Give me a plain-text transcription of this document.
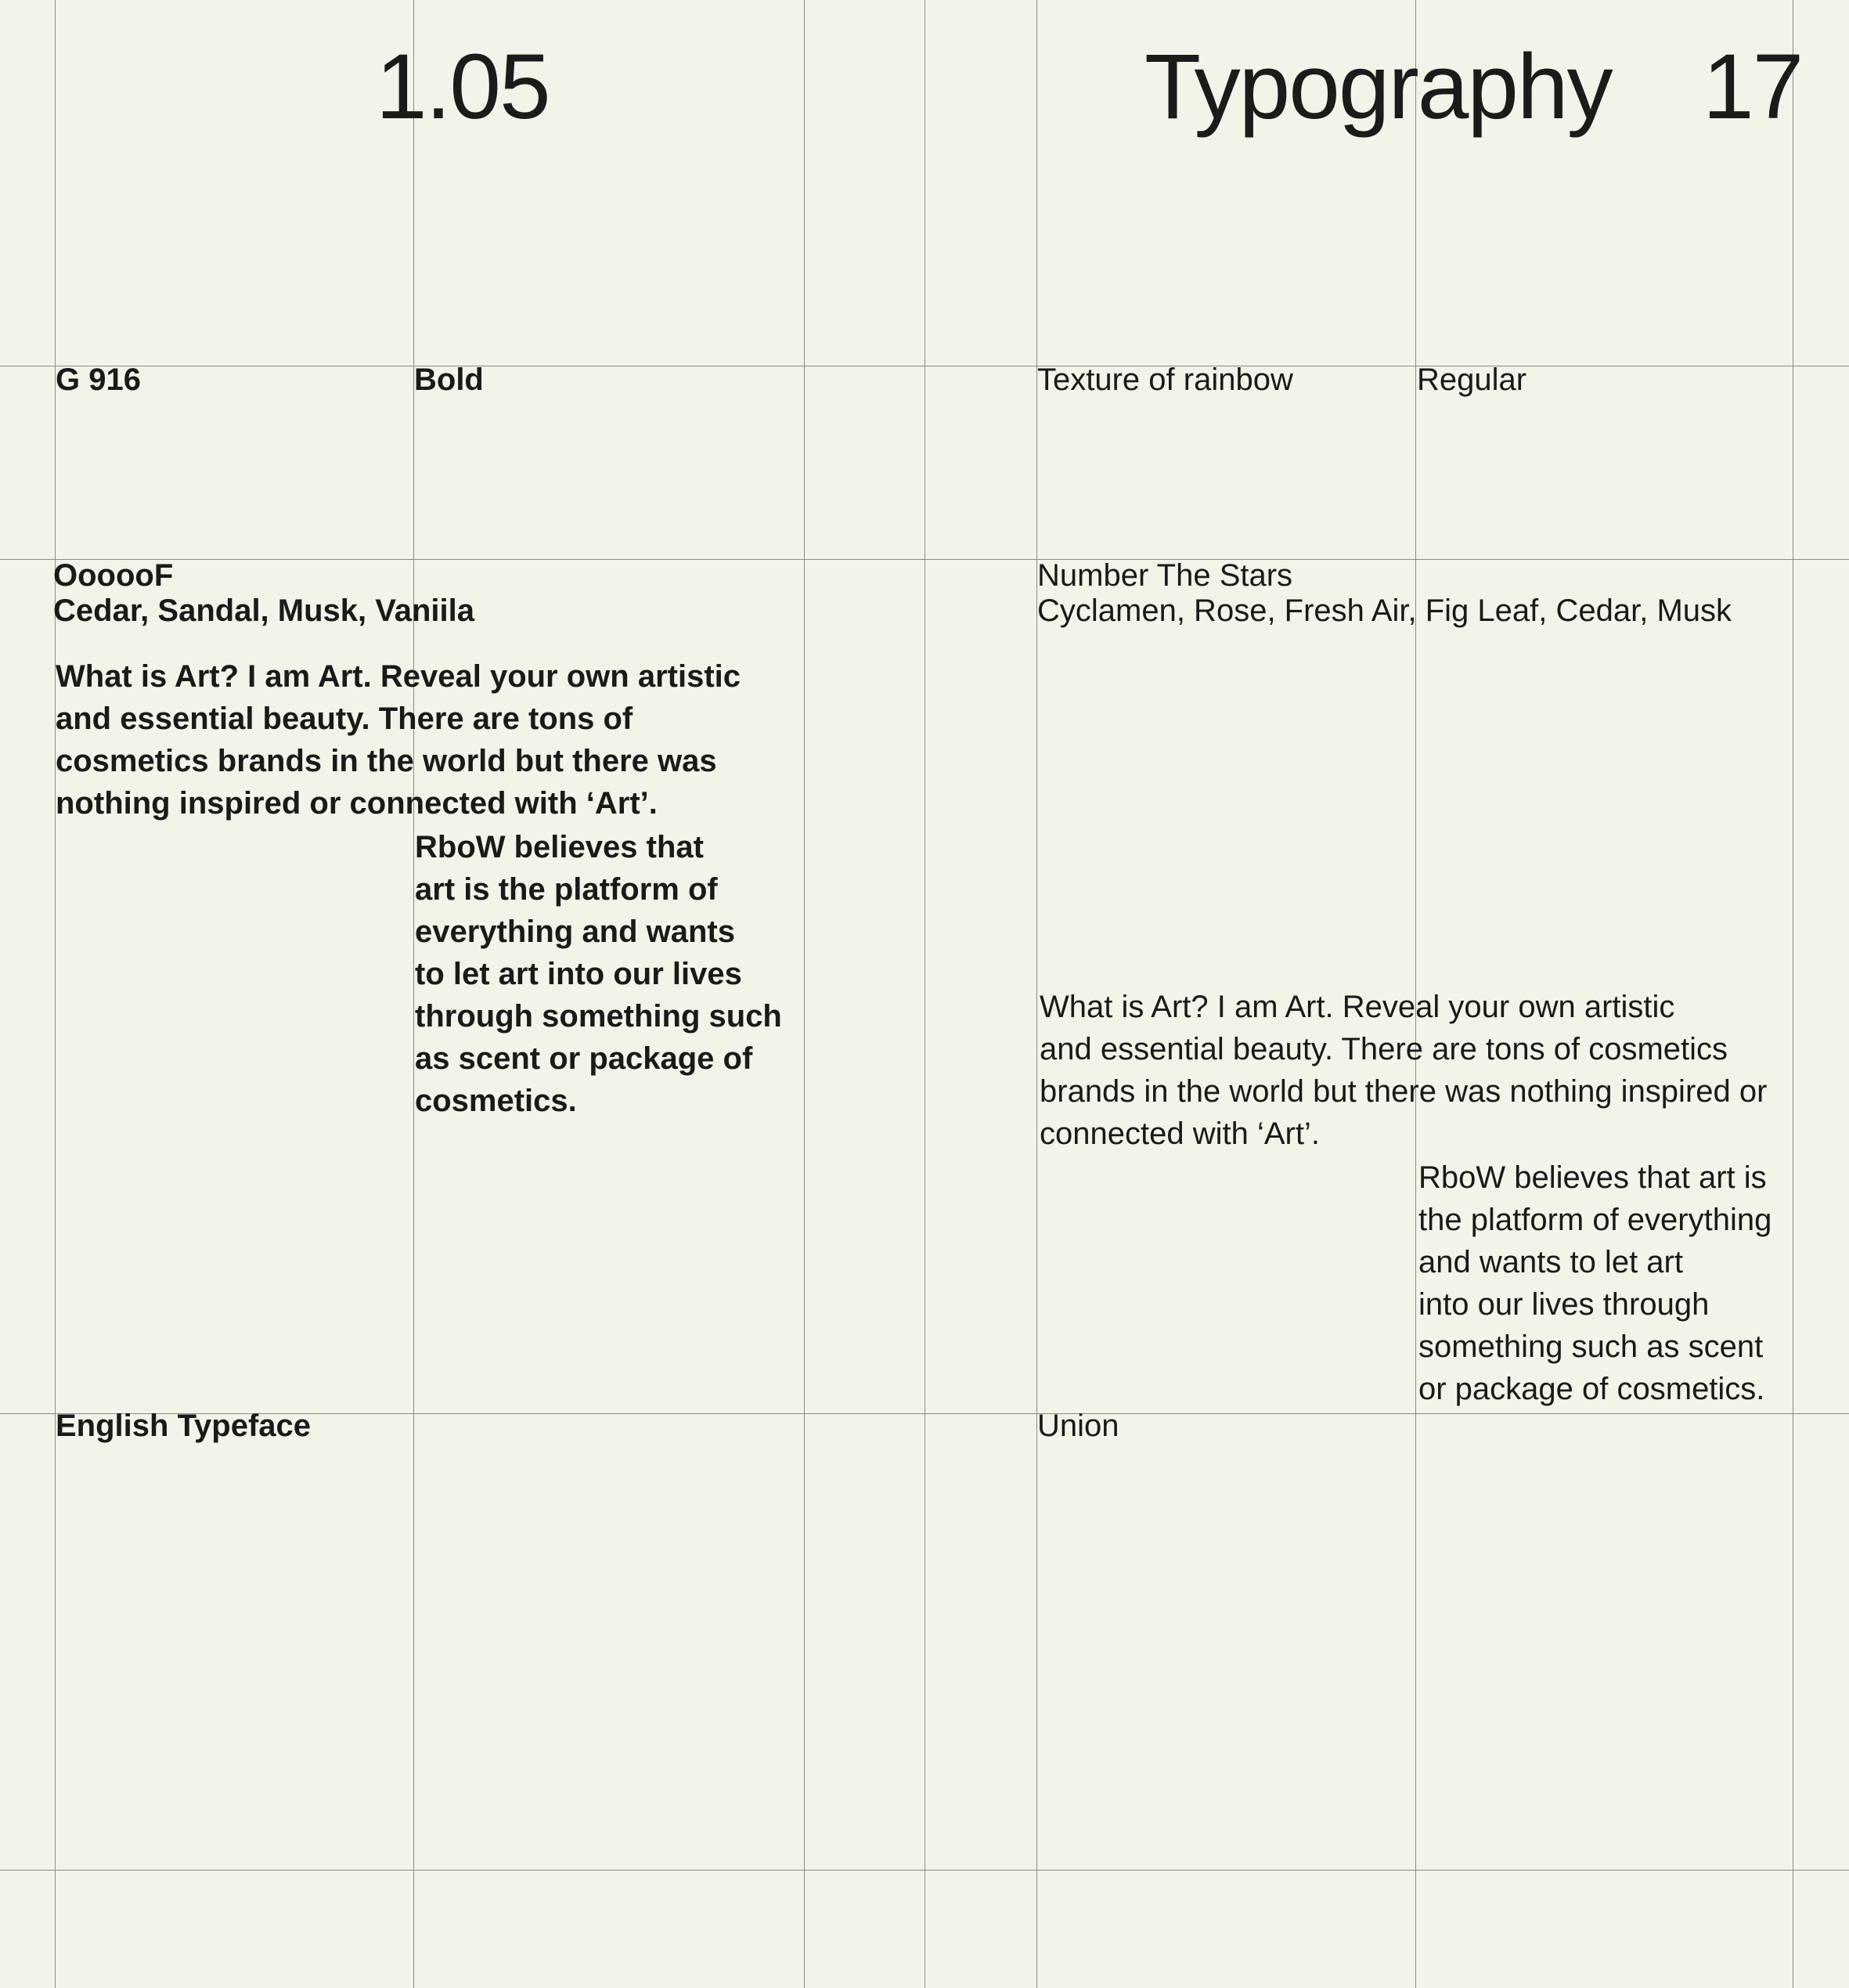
1.05	Typography 17
G 916	Bold
OooooF
Cedar, Sandal, Musk, Vaniila
What is Art? I am Art. Reveal your own artistic
and essential beauty. There are tons of
cosmetics brands in the world but there was
nothing inspired or connected with ‘Art’.
RboW believes that
art is the platform of
everything and wants
to let art into our lives
through something such
as scent or package of
cosmetics.
English Typeface
Texture of rainbow	Regular
Number The Stars
Cyclamen, Rose, Fresh Air, Fig Leaf, Cedar, Musk
What is Art? I am Art. Reveal your own artistic
and essential beauty. There are tons of cosmetics
brands in the world but there was nothing inspired or
connected with ‘Art’.
RboW believes that art is
the platform of everything
and wants to let art
into our lives through
something such as scent
or package of cosmetics.
Union
